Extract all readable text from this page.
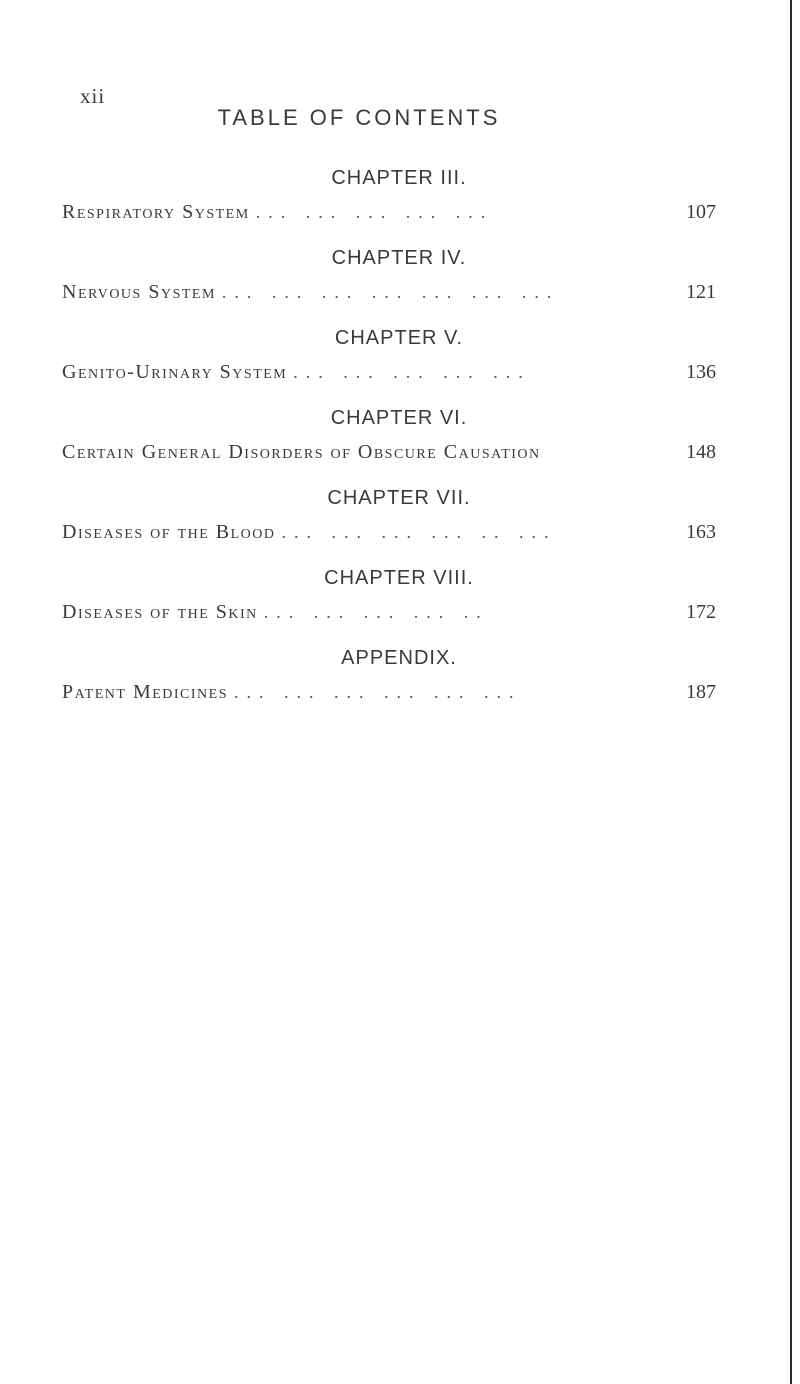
xii
TABLE OF CONTENTS
CHAPTER III.
Respiratory System ... ... ... ... ...	107
CHAPTER IV.
Nervous System ... ... ... ... ... ... ...	121
CHAPTER V.
Genito-Urinary System ... ... ... ... ...	136
CHAPTER VI.
Certain General Disorders of Obscure Causation	148
CHAPTER VII.
Diseases of the Blood ... ... ... ... .. ...	163
CHAPTER VIII.
Diseases of the Skin ... ... ... ... ..	172
APPENDIX.
Patent Medicines ... ... ... ... ... ...	187
